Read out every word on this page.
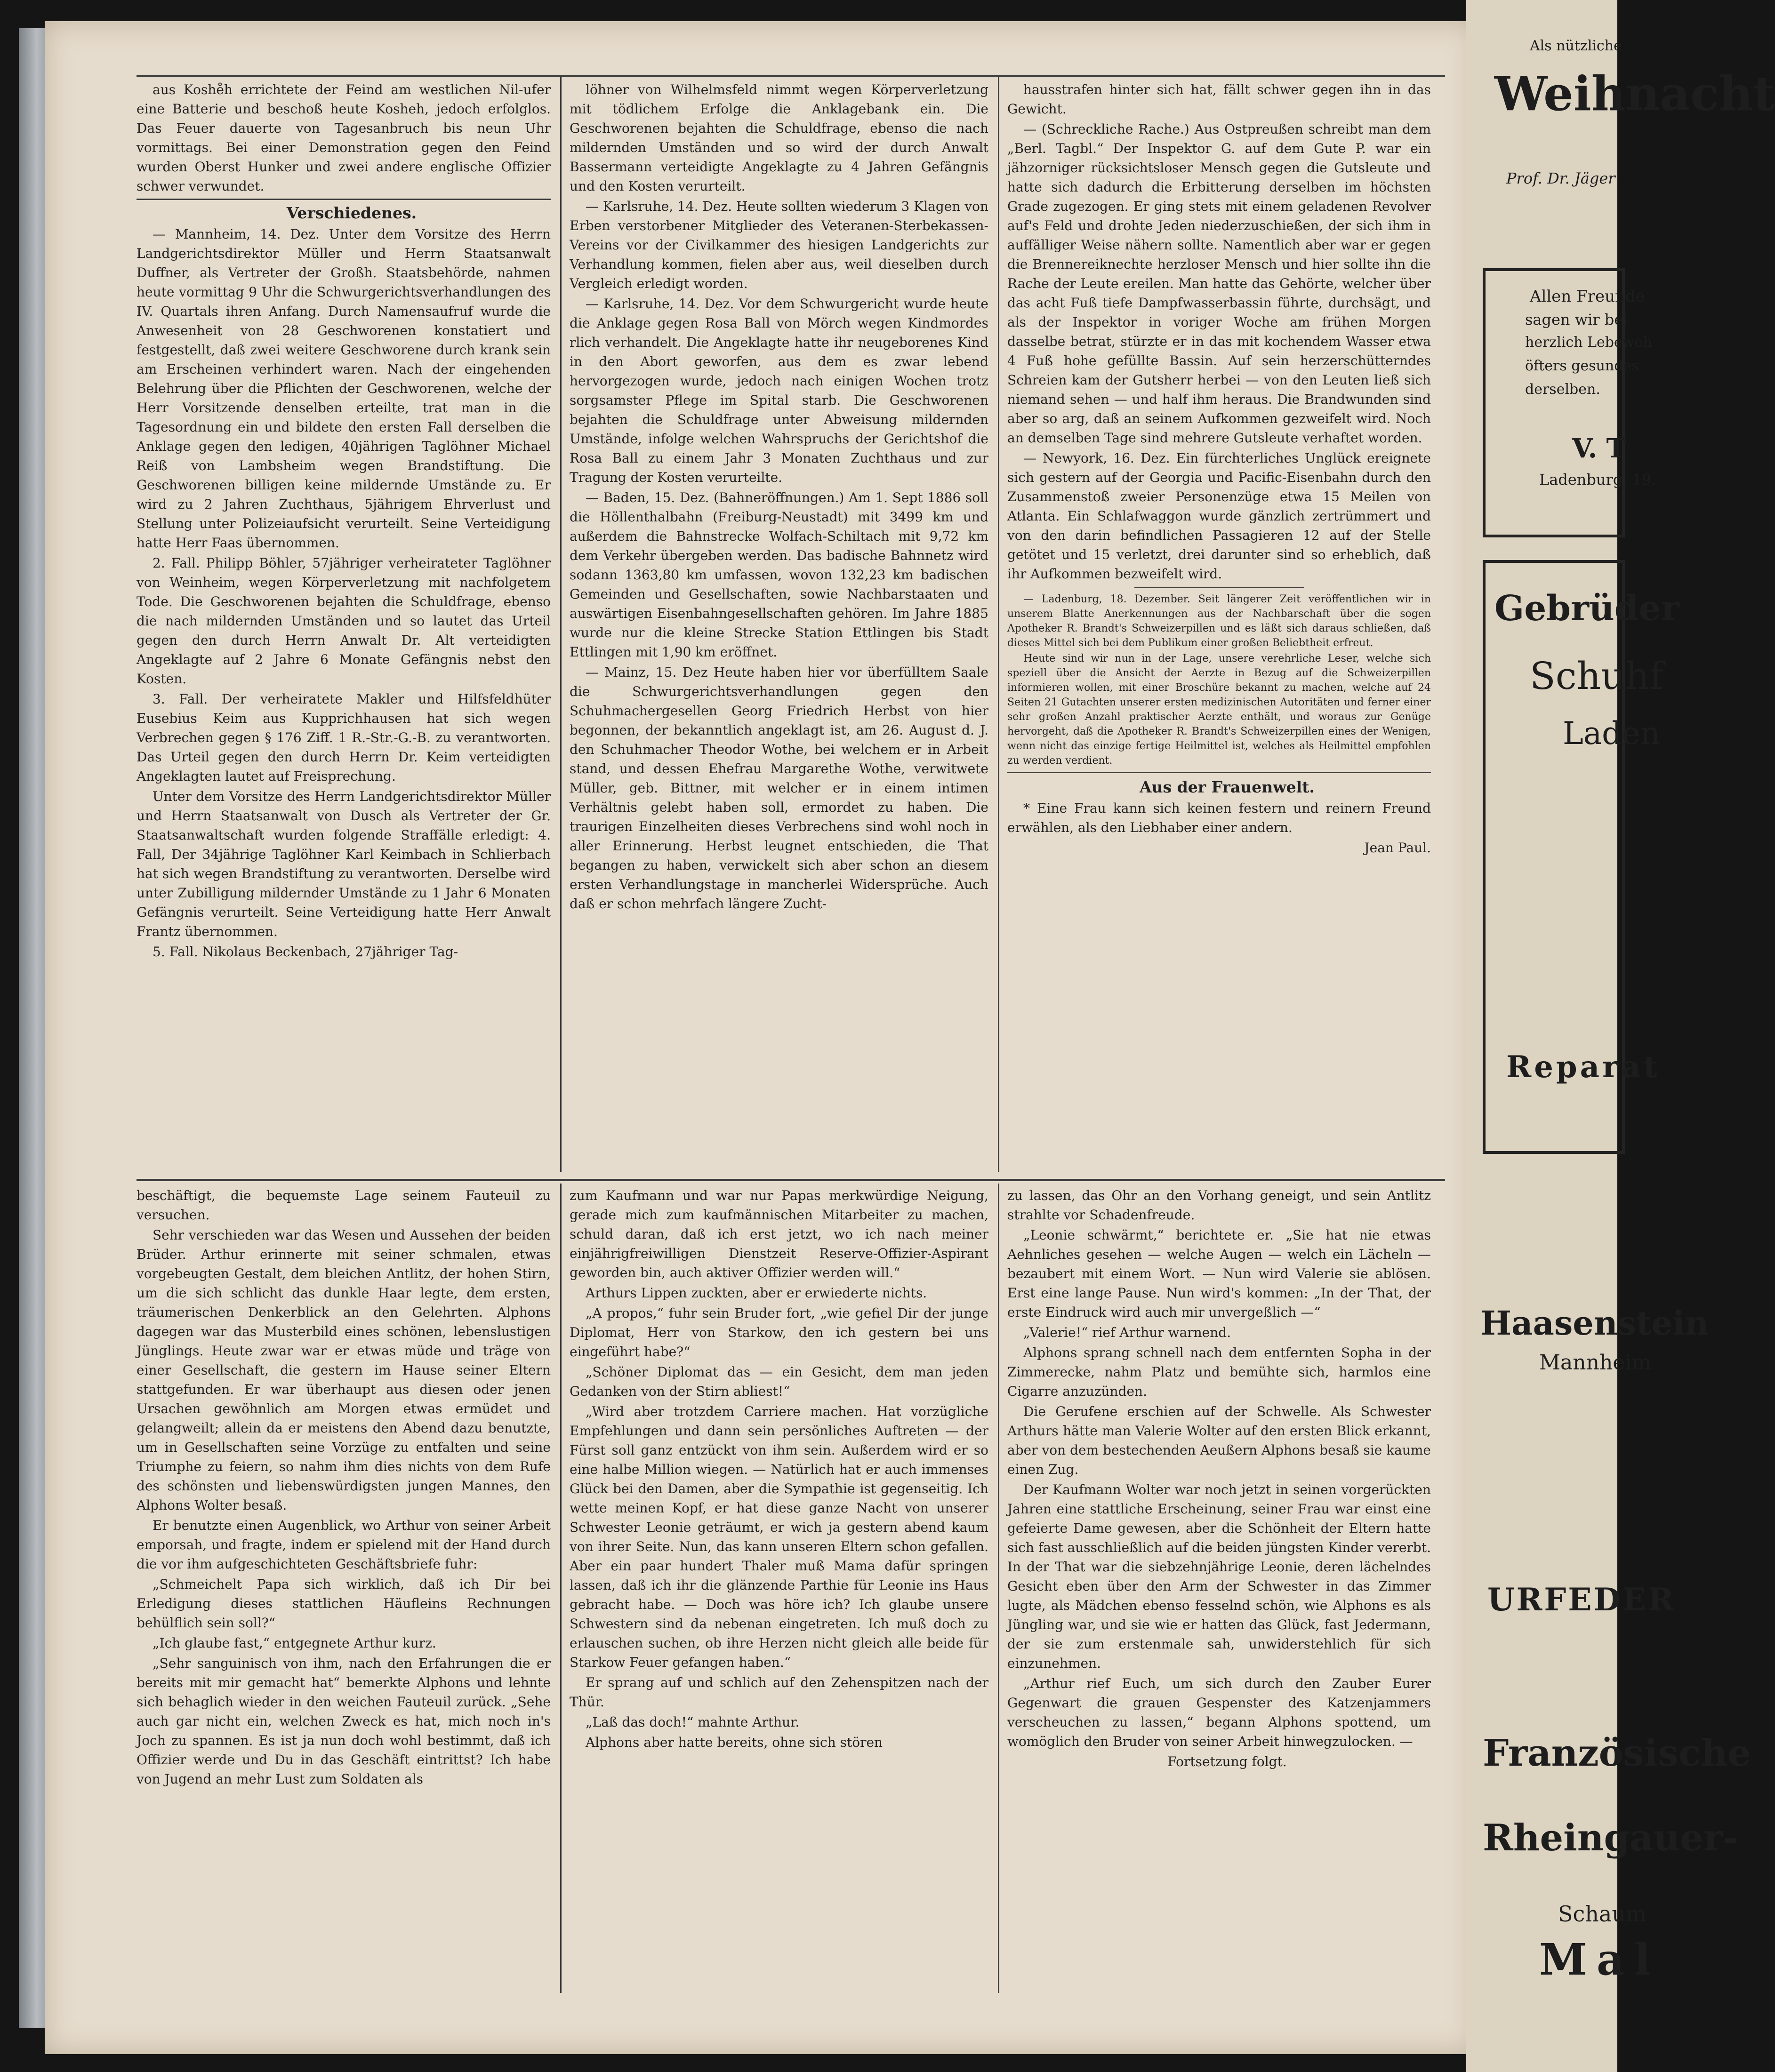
aus Koshe̊h errichtete der Feind am westlichen Nil-ufer eine Batterie und beschoß heute Kosheh, jedoch erfolglos. Das Feuer dauerte von Tagesanbruch bis neun Uhr vormittags. Bei einer Demonstration gegen den Feind wurden Oberst Hunker und zwei andere englische Offizier schwer verwundet.

Verschiedenes.

— Mannheim, 14. Dez. Unter dem Vorsitze des Herrn Landgerichtsdirektor Müller und Herrn Staatsanwalt Duffner, als Vertreter der Großh. Staatsbehörde, nahmen heute vormittag 9 Uhr die Schwurgerichtsverhandlungen des IV. Quartals ihren Anfang. Durch Namensaufruf wurde die Anwesenheit von 28 Geschworenen konstatiert und festgestellt, daß zwei weitere Geschworene durch krank sein am Erscheinen verhindert waren. Nach der eingehenden Belehrung über die Pflichten der Geschworenen, welche der Herr Vorsitzende denselben erteilte, trat man in die Tagesordnung ein und bildete den ersten Fall derselben die Anklage gegen den ledigen, 40jährigen Taglöhner Michael Reiß von Lambsheim wegen Brandstiftung. Die Geschworenen billigen keine mildernde Umstände zu. Er wird zu 2 Jahren Zuchthaus, 5jährigem Ehrverlust und Stellung unter Polizeiaufsicht verurteilt. Seine Verteidigung hatte Herr Faas übernommen.

2. Fall. Philipp Böhler, 57jähriger verheirateter Taglöhner von Weinheim, wegen Körperverletzung mit nachfolgetem Tode. Die Geschworenen bejahten die Schuldfrage, ebenso die nach mildernden Umständen und so lautet das Urteil gegen den durch Herrn Anwalt Dr. Alt verteidigten Angeklagte auf 2 Jahre 6 Monate Gefängnis nebst den Kosten.

3. Fall. Der verheiratete Makler und Hilfsfeldhüter Eusebius Keim aus Kupprichhausen hat sich wegen Verbrechen gegen § 176 Ziff. 1 R.-Str.-G.-B. zu verantworten. Das Urteil gegen den durch Herrn Dr. Keim verteidigten Angeklagten lautet auf Freisprechung.

Unter dem Vorsitze des Herrn Landgerichtsdirektor Müller und Herrn Staatsanwalt von Dusch als Vertreter der Gr. Staatsanwaltschaft wurden folgende Straffälle erledigt: 4. Fall, Der 34jährige Taglöhner Karl Keimbach in Schlierbach hat sich wegen Brandstiftung zu verantworten. Derselbe wird unter Zubilligung mildernder Umstände zu 1 Jahr 6 Monaten Gefängnis verurteilt. Seine Verteidigung hatte Herr Anwalt Frantz übernommen.

5. Fall. Nikolaus Beckenbach, 27jähriger Tag-

löhner von Wilhelmsfeld nimmt wegen Körperverletzung mit tödlichem Erfolge die Anklagebank ein. Die Geschworenen bejahten die Schuldfrage, ebenso die nach mildernden Umständen und so wird der durch Anwalt Bassermann verteidigte Angeklagte zu 4 Jahren Gefängnis und den Kosten verurteilt.

— Karlsruhe, 14. Dez. Heute sollten wiederum 3 Klagen von Erben verstorbener Mitglieder des Veteranen-Sterbekassen-Vereins vor der Civilkammer des hiesigen Landgerichts zur Verhandlung kommen, fielen aber aus, weil dieselben durch Vergleich erledigt worden.

— Karlsruhe, 14. Dez. Vor dem Schwurgericht wurde heute die Anklage gegen Rosa Ball von Mörch wegen Kindmordes rlich verhandelt. Die Angeklagte hatte ihr neugeborenes Kind in den Abort geworfen, aus dem es zwar lebend hervorgezogen wurde, jedoch nach einigen Wochen trotz sorgsamster Pflege im Spital starb. Die Geschworenen bejahten die Schuldfrage unter Abweisung mildernden Umstände, infolge welchen Wahrspruchs der Gerichtshof die Rosa Ball zu einem Jahr 3 Monaten Zuchthaus und zur Tragung der Kosten verurteilte.

— Baden, 15. Dez. (Bahneröffnungen.) Am 1. Sept 1886 soll die Höllenthalbahn (Freiburg-Neustadt) mit 3499 km und außerdem die Bahnstrecke Wolfach-Schiltach mit 9,72 km dem Verkehr übergeben werden. Das badische Bahnnetz wird sodann 1363,80 km umfassen, wovon 132,23 km badischen Gemeinden und Gesellschaften, sowie Nachbarstaaten und auswärtigen Eisenbahngesellschaften gehören. Im Jahre 1885 wurde nur die kleine Strecke Station Ettlingen bis Stadt Ettlingen mit 1,90 km eröffnet.

— Mainz, 15. Dez Heute haben hier vor überfülltem Saale die Schwurgerichtsverhandlungen gegen den Schuhmachergesellen Georg Friedrich Herbst von hier begonnen, der bekanntlich angeklagt ist, am 26. August d. J. den Schuhmacher Theodor Wothe, bei welchem er in Arbeit stand, und dessen Ehefrau Margarethe Wothe, verwitwete Müller, geb. Bittner, mit welcher er in einem intimen Verhältnis gelebt haben soll, ermordet zu haben. Die traurigen Einzelheiten dieses Verbrechens sind wohl noch in aller Erinnerung. Herbst leugnet entschieden, die That begangen zu haben, verwickelt sich aber schon an diesem ersten Verhandlungstage in mancherlei Widersprüche. Auch daß er schon mehrfach längere Zucht-

hausstrafen hinter sich hat, fällt schwer gegen ihn in das Gewicht.

— (Schreckliche Rache.) Aus Ostpreußen schreibt man dem „Berl. Tagbl.“ Der Inspektor G. auf dem Gute P. war ein jähzorniger rücksichtsloser Mensch gegen die Gutsleute und hatte sich dadurch die Erbitterung derselben im höchsten Grade zugezogen. Er ging stets mit einem geladenen Revolver auf's Feld und drohte Jeden niederzuschießen, der sich ihm in auffälliger Weise nähern sollte. Namentlich aber war er gegen die Brennereiknechte herzloser Mensch und hier sollte ihn die Rache der Leute ereilen. Man hatte das Gehörte, welcher über das acht Fuß tiefe Dampfwasserbassin führte, durchsägt, und als der Inspektor in voriger Woche am frühen Morgen dasselbe betrat, stürzte er in das mit kochendem Wasser etwa 4 Fuß hohe gefüllte Bassin. Auf sein herzerschütterndes Schreien kam der Gutsherr herbei — von den Leuten ließ sich niemand sehen — und half ihm heraus. Die Brandwunden sind aber so arg, daß an seinem Aufkommen gezweifelt wird. Noch an demselben Tage sind mehrere Gutsleute verhaftet worden.

— Newyork, 16. Dez. Ein fürchterliches Unglück ereignete sich gestern auf der Georgia und Pacific-Eisenbahn durch den Zusammenstoß zweier Personenzüge etwa 15 Meilen von Atlanta. Ein Schlafwaggon wurde gänzlich zertrümmert und von den darin befindlichen Passagieren 12 auf der Stelle getötet und 15 verletzt, drei darunter sind so erheblich, daß ihr Aufkommen bezweifelt wird.

— Ladenburg, 18. Dezember. Seit längerer Zeit veröffentlichen wir in unserem Blatte Anerkennungen aus der Nachbarschaft über die sogen Apotheker R. Brandt's Schweizerpillen und es läßt sich daraus schließen, daß dieses Mittel sich bei dem Publikum einer großen Beliebtheit erfreut.

Heute sind wir nun in der Lage, unsere verehrliche Leser, welche sich speziell über die Ansicht der Aerzte in Bezug auf die Schweizerpillen informieren wollen, mit einer Broschüre bekannt zu machen, welche auf 24 Seiten 21 Gutachten unserer ersten medizinischen Autoritäten und ferner einer sehr großen Anzahl praktischer Aerzte enthält, und woraus zur Genüge hervorgeht, daß die Apotheker R. Brandt's Schweizerpillen eines der Wenigen, wenn nicht das einzige fertige Heilmittel ist, welches als Heilmittel empfohlen zu werden verdient.

Aus der Frauenwelt.

* Eine Frau kann sich keinen festern und reinern Freund erwählen, als den Liebhaber einer andern.

Jean Paul.

beschäftigt, die bequemste Lage seinem Fauteuil zu versuchen.

Sehr verschieden war das Wesen und Aussehen der beiden Brüder. Arthur erinnerte mit seiner schmalen, etwas vorgebeugten Gestalt, dem bleichen Antlitz, der hohen Stirn, um die sich schlicht das dunkle Haar legte, dem ersten, träumerischen Denkerblick an den Gelehrten. Alphons dagegen war das Musterbild eines schönen, lebenslustigen Jünglings. Heute zwar war er etwas müde und träge von einer Gesellschaft, die gestern im Hause seiner Eltern stattgefunden. Er war überhaupt aus diesen oder jenen Ursachen gewöhnlich am Morgen etwas ermüdet und gelangweilt; allein da er meistens den Abend dazu benutzte, um in Gesellschaften seine Vorzüge zu entfalten und seine Triumphe zu feiern, so nahm ihm dies nichts von dem Rufe des schönsten und liebenswürdigsten jungen Mannes, den Alphons Wolter besaß.

Er benutzte einen Augenblick, wo Arthur von seiner Arbeit emporsah, und fragte, indem er spielend mit der Hand durch die vor ihm aufgeschichteten Geschäftsbriefe fuhr:

„Schmeichelt Papa sich wirklich, daß ich Dir bei Erledigung dieses stattlichen Häufleins Rechnungen behülflich sein soll?“

„Ich glaube fast,“ entgegnete Arthur kurz.

„Sehr sanguinisch von ihm, nach den Erfahrungen die er bereits mit mir gemacht hat“ bemerkte Alphons und lehnte sich behaglich wieder in den weichen Fauteuil zurück. „Sehe auch gar nicht ein, welchen Zweck es hat, mich noch in's Joch zu spannen. Es ist ja nun doch wohl bestimmt, daß ich Offizier werde und Du in das Geschäft eintrittst? Ich habe von Jugend an mehr Lust zum Soldaten als

zum Kaufmann und war nur Papas merkwürdige Neigung, gerade mich zum kaufmännischen Mitarbeiter zu machen, schuld daran, daß ich erst jetzt, wo ich nach meiner einjährigfreiwilligen Dienstzeit Reserve-Offizier-Aspirant geworden bin, auch aktiver Offizier werden will.“

Arthurs Lippen zuckten, aber er erwiederte nichts.

„A propos,“ fuhr sein Bruder fort, „wie gefiel Dir der junge Diplomat, Herr von Starkow, den ich gestern bei uns eingeführt habe?“

„Schöner Diplomat das — ein Gesicht, dem man jeden Gedanken von der Stirn abliest!“

„Wird aber trotzdem Carriere machen. Hat vorzügliche Empfehlungen und dann sein persönliches Auftreten — der Fürst soll ganz entzückt von ihm sein. Außerdem wird er so eine halbe Million wiegen. — Natürlich hat er auch immenses Glück bei den Damen, aber die Sympathie ist gegenseitig. Ich wette meinen Kopf, er hat diese ganze Nacht von unserer Schwester Leonie geträumt, er wich ja gestern abend kaum von ihrer Seite. Nun, das kann unseren Eltern schon gefallen. Aber ein paar hundert Thaler muß Mama dafür springen lassen, daß ich ihr die glänzende Parthie für Leonie ins Haus gebracht habe. — Doch was höre ich? Ich glaube unsere Schwestern sind da nebenan eingetreten. Ich muß doch zu erlauschen suchen, ob ihre Herzen nicht gleich alle beide für Starkow Feuer gefangen haben.“

Er sprang auf und schlich auf den Zehenspitzen nach der Thür.

„Laß das doch!“ mahnte Arthur.

Alphons aber hatte bereits, ohne sich stören

zu lassen, das Ohr an den Vorhang geneigt, und sein Antlitz strahlte vor Schadenfreude.

„Leonie schwärmt,“ berichtete er. „Sie hat nie etwas Aehnliches gesehen — welche Augen — welch ein Lächeln — bezaubert mit einem Wort. — Nun wird Valerie sie ablösen. Erst eine lange Pause. Nun wird's kommen: „In der That, der erste Eindruck wird auch mir unvergeßlich —“

„Valerie!“ rief Arthur warnend.

Alphons sprang schnell nach dem entfernten Sopha in der Zimmerecke, nahm Platz und bemühte sich, harmlos eine Cigarre anzuzünden.

Die Gerufene erschien auf der Schwelle. Als Schwester Arthurs hätte man Valerie Wolter auf den ersten Blick erkannt, aber von dem bestechenden Aeußern Alphons besaß sie kaume einen Zug.

Der Kaufmann Wolter war noch jetzt in seinen vorgerückten Jahren eine stattliche Erscheinung, seiner Frau war einst eine gefeierte Dame gewesen, aber die Schönheit der Eltern hatte sich fast ausschließlich auf die beiden jüngsten Kinder vererbt. In der That war die siebzehnjährige Leonie, deren lächelndes Gesicht eben über den Arm der Schwester in das Zimmer lugte, als Mädchen ebenso fesselnd schön, wie Alphons es als Jüngling war, und sie wie er hatten das Glück, fast Jedermann, der sie zum erstenmale sah, unwiderstehlich für sich einzunehmen.

„Arthur rief Euch, um sich durch den Zauber Eurer Gegenwart die grauen Gespenster des Katzenjammers verscheuchen zu lassen,“ begann Alphons spottend, um womöglich den Bruder von seiner Arbeit hinwegzulocken. —

Fortsetzung folgt.

Als nützliche
Weihnacht
Prof. Dr. Jäger
Allen Freunde
sagen wir bei
herzlich Lebewoh
öfters gesundes
derselben.
V. T
Ladenburg, 19.
Gebrüder
Schuhf
Laden
Reparat
Haasenstein
Mannheim
URFEDER
Französische
Rheingauer-
Schaum
Mal
